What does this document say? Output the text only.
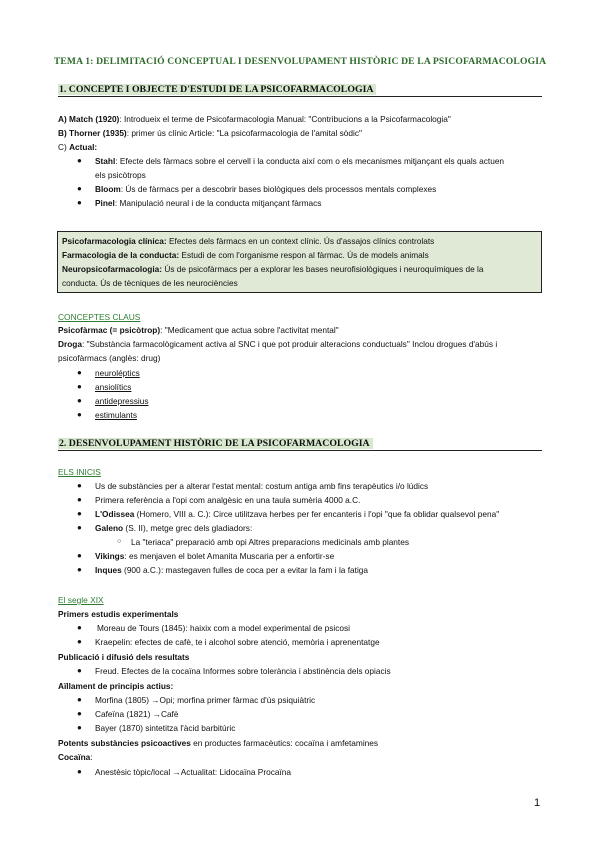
TEMA 1: DELIMITACIÓ CONCEPTUAL I DESENVOLUPAMENT HISTÒRIC DE LA PSICOFARMACOLOGIA
1. CONCEPTE I OBJECTE D'ESTUDI DE LA PSICOFARMACOLOGIA
A) Match (1920): Introdueix el terme de Psicofarmacologia Manual: "Contribucions a la Psicofarmacologia"
B) Thorner (1935): primer ús clínic Article: "La psicofarmacologia de l'amital sòdic"
C) Actual:
● Stahl: Efecte dels fàrmacs sobre el cervell i la conducta així com o els mecanismes mitjançant els quals actuen
els psicòtrops
● Bloom: Ús de fàrmacs per a descobrir bases biològiques dels processos mentals complexes
● Pinel: Manipulació neural i de la conducta mitjançant fàrmacs
Psicofarmacologia clínica: Efectes dels fàrmacs en un context clínic. Ús d'assajos clínics controlats
Farmacologia de la conducta: Estudi de com l'organisme respon al fàrmac. Ús de models animals
Neuropsicofarmacologia: Ús de psicofàrmacs per a explorar les bases neurofisiològiques i neuroquímiques de la
conducta. Ús de tècniques de les neurociències
CONCEPTES CLAUS
Psicofàrmac (= psicòtrop): "Medicament que actua sobre l'activitat mental"
Droga: "Substància farmacològicament activa al SNC i que pot produir alteracions conductuals" Inclou drogues d'abús i
psicofàrmacs (anglès: drug)
● neuroléptics
● ansiolítics
● antidepressius
● estimulants
2. DESENVOLUPAMENT HISTÒRIC DE LA PSICOFARMACOLOGIA
ELS INICIS
● Us de substàncies per a alterar l'estat mental: costum antiga amb fins terapèutics i/o lúdics
● Primera referència a l'opi com analgèsic en una taula sumèria 4000 a.C.
● L'Odissea (Homero, VIII a. C.): Circe utilitzava herbes per fer encanteris i l'opi "que fa oblidar qualsevol pena"
● Galeno (S. II), metge grec dels gladiadors:
○ La "teriaca" preparació amb opi Altres preparacions medicinals amb plantes
● Vikings: es menjaven el bolet Amanita Muscaria per a enfortir-se
● Inques (900 a.C.): mastegaven fulles de coca per a evitar la fam i la fatiga
El segle XIX
Primers estudis experimentals
● Moreau de Tours (1845): haixix com a model experimental de psicosi
● Kraepelin: efectes de cafè, te i alcohol sobre atenció, memòria i aprenentatge
Publicació i difusió dels resultats
● Freud. Efectes de la cocaïna Informes sobre tolerància i abstinència dels opiacis
Aïllament de principis actius:
● Morfina (1805) →Opi; morfina primer fàrmac d'ús psiquiàtric
● Cafeïna (1821) →Cafè
● Bayer (1870) sintetitza l'àcid barbitúric
Potents substàncies psicoactives en productes farmacèutics: cocaïna i amfetamines
Cocaïna:
● Anestèsic tòpic/local →Actualitat: Lidocaïna Procaïna
1
